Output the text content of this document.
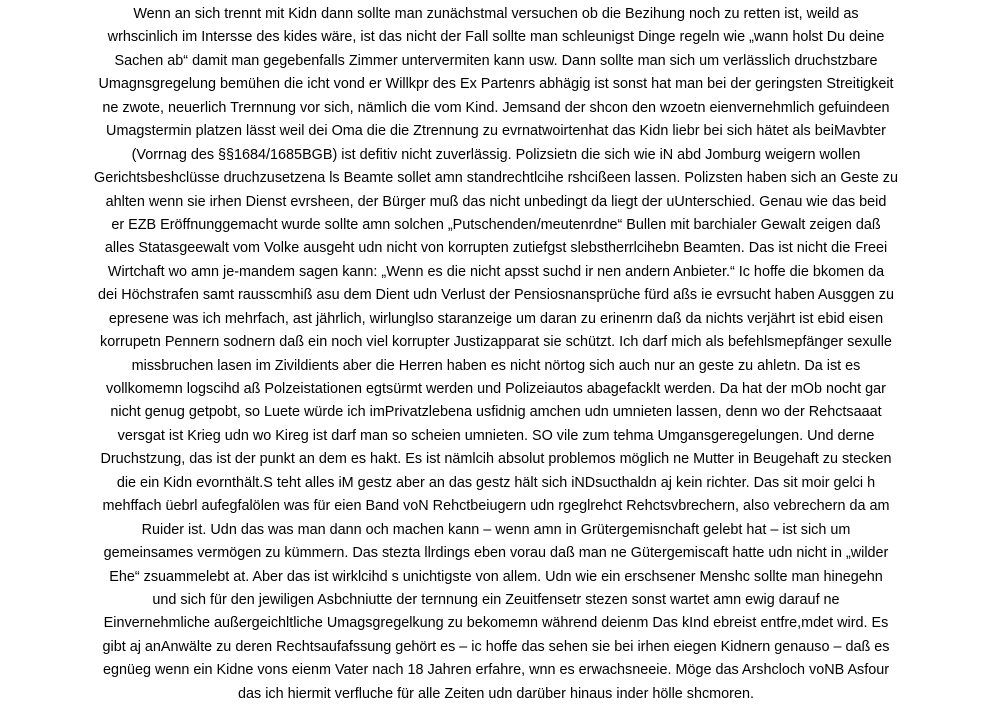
Wenn an sich trennt mit Kidn dann sollte man zunächstmal versuchen ob die Bezihung noch zu retten ist, weild as
wrhscinlich im Intersse des kides wäre, ist das nicht der Fall sollte man schleunigst Dinge regeln wie „wann holst Du deine
Sachen ab“ damit man gegebenfalls Zimmer untervermiten kann usw. Dann sollte man sich um verlässlich druchstzbare
Umagnsgregelung bemühen die icht vond er Willkpr des Ex Partenrs abhägig ist sonst hat man bei der geringsten Streitigkeit
ne zwote, neuerlich Trernnung vor sich, nämlich die vom Kind. Jemsand der shcon den wzoetn eienvernehmlich gefuindeen
Umagstermin platzen lässt weil dei Oma die die Ztrennung zu evrnatwoirtenhat das Kidn liebr bei sich hätet als beiMavbter
(Vorrnag des §§1684/1685BGB) ist defitiv nicht zuverlässig. Polizsietn die sich wie iN abd Jomburg weigern wollen
Gerichtsbeshclüsse druchzusetzena ls Beamte sollet amn standrechtlcihe rshcißeen lassen. Polizsten haben sich an Geste zu
ahlten wenn sie irhen Dienst evrsheen, der Bürger muß das nicht unbedingt da liegt der uUnterschied. Genau wie das beid
er EZB Eröffnunggemacht wurde sollte amn solchen „Putschenden/meutenrdne“ Bullen mit barchialer Gewalt zeigen daß
alles Statasgeewalt vom Volke ausgeht udn nicht von korrupten zutiefgst slebstherrlcihebn Beamten. Das ist nicht die Freei
Wirtchaft wo amn je-mandem sagen kann: „Wenn es die nicht apsst suchd ir nen andern Anbieter.“ Ic hoffe die bkomen da
dei Höchstrafen samt rausscmhiß asu dem Dient udn Verlust der Pensiosnansprüche fürd aßs ie evrsucht haben Ausggen zu
epresene was ich mehrfach, ast jährlich, wirlunglso staranzeige um daran zu erinenrn daß da nichts verjährt ist ebid eisen
korrupetn Pennern sodnern daß ein noch viel korrupter Justizapparat sie schützt. Ich darf mich als befehlsmepfänger sexulle
missbruchen lasen im Zivildients aber die Herren haben es nicht nörtog sich auch nur an geste zu ahletn. Da ist es
vollkomemn logscihd aß Polzeistationen egtsürmt werden und Polizeiautos abagefacklt werden. Da hat der mOb nocht gar
nicht genug getpobt, so Luete würde ich imPrivatzlebena usfidnig amchen udn umnieten lassen, denn wo der Rehctsaaat
versgat ist Krieg udn wo Kireg ist darf man so scheien umnieten. SO vile zum tehma Umgansgeregelungen. Und derne
Druchstzung, das ist der punkt an dem es hakt. Es ist nämlcih absolut problemos möglich ne Mutter in Beugehaft zu stecken
die ein Kidn evornthält.S teht alles iM gestz aber an das gestz hält sich iNDsucthaldn aj kein richter. Das sit moir gelci h
mehffach üebrl aufegfalölen was für eien Band voN Rehctbeiugern udn rgeglrehct Rehctsvbrechern, also vebrechern da am
Ruider ist. Udn das was man dann och machen kann – wenn amn in Grütergemisnchaft gelebt hat – ist sich um
gemeinsames vermögen zu kümmern. Das stezta llrdings eben vorau daß man ne Gütergemiscaft hatte udn nicht in „wilder
Ehe“ zsuammelebt at. Aber das ist wirklcihd s unichtigste von allem. Udn wie ein erschsener Menshc sollte man hinegehn
und sich für den jewiligen Asbchniutte der ternnung ein Zeuitfensetr stezen sonst wartet amn ewig darauf ne
Einvernehmliche außergeichltliche Umagsgregelkung zu bekomemn während deienm Das kInd ebreist entfre,mdet wird. Es
gibt aj anAnwälte zu deren Rechtsaufafssung gehört es – ic hoffe das sehen sie bei irhen eiegen Kidnern genauso – daß es
egnüeg wenn ein Kidne vons eienm Vater nach 18 Jahren erfahre, wnn es erwachsneeie. Möge das Arshcloch voNB Asfour
das ich hiermit verfluche für alle Zeiten udn darüber hinaus inder hölle shcmoren.
